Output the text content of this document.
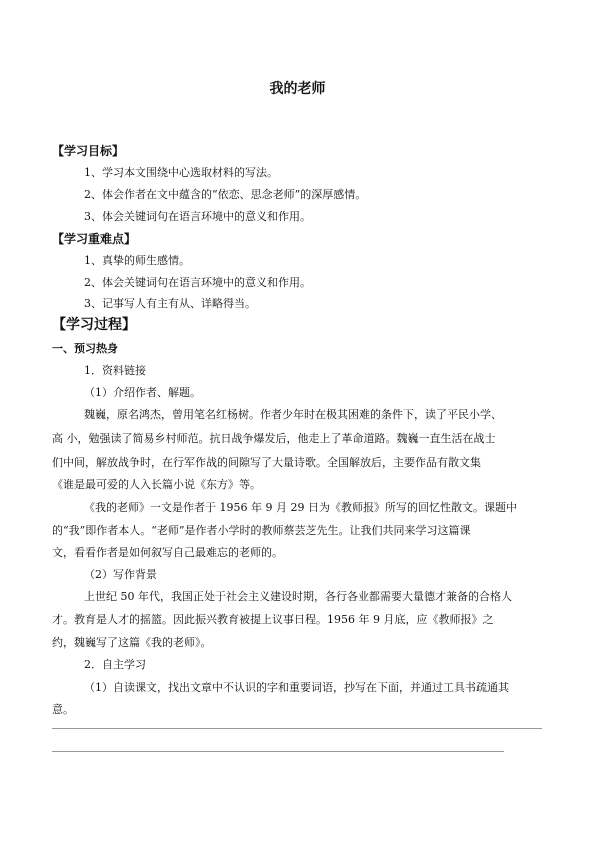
我的老师
【学习目标】
1、学习本文围绕中心选取材料的写法。
2、体会作者在文中蕴含的“依恋、思念老师”的深厚感情。
3、体会关键词句在语言环境中的意义和作用。
【学习重难点】
1、真挚的师生感情。
2、体会关键词句在语言环境中的意义和作用。
3、记事写人有主有从、详略得当。
【学习过程】
一、预习热身
1．资料链接
（1）介绍作者、解题。
魏巍，原名鸿杰，曾用笔名红杨树。作者少年时在极其困难的条件下，读了平民小学、
高 小，勉强读了简易乡村师范。抗日战争爆发后，他走上了革命道路。魏巍一直生活在战士
们中间，解放战争时，在行军作战的间隙写了大量诗歌。全国解放后，主要作品有散文集
《谁是最可爱的人入长篇小说《东方》等。
《我的老师》一文是作者于 1956 年 9 月 29 日为《教师报》所写的回忆性散文。课题中
的“我”即作者本人。“老师”是作者小学时的教师蔡芸芝先生。让我们共同来学习这篇课
文，看看作者是如何叙写自己最难忘的老师的。
（2）写作背景
上世纪 50 年代，我国正处于社会主义建设时期，各行各业都需要大量德才兼备的合格人
才。教育是人才的摇篮。因此振兴教育被提上议事日程。1956 年 9 月底，应《教师报》之
约，魏巍写了这篇《我的老师》。
2．自主学习
（1）自读课文，找出文章中不认识的字和重要词语，抄写在下面，并通过工具书疏通其
意。
